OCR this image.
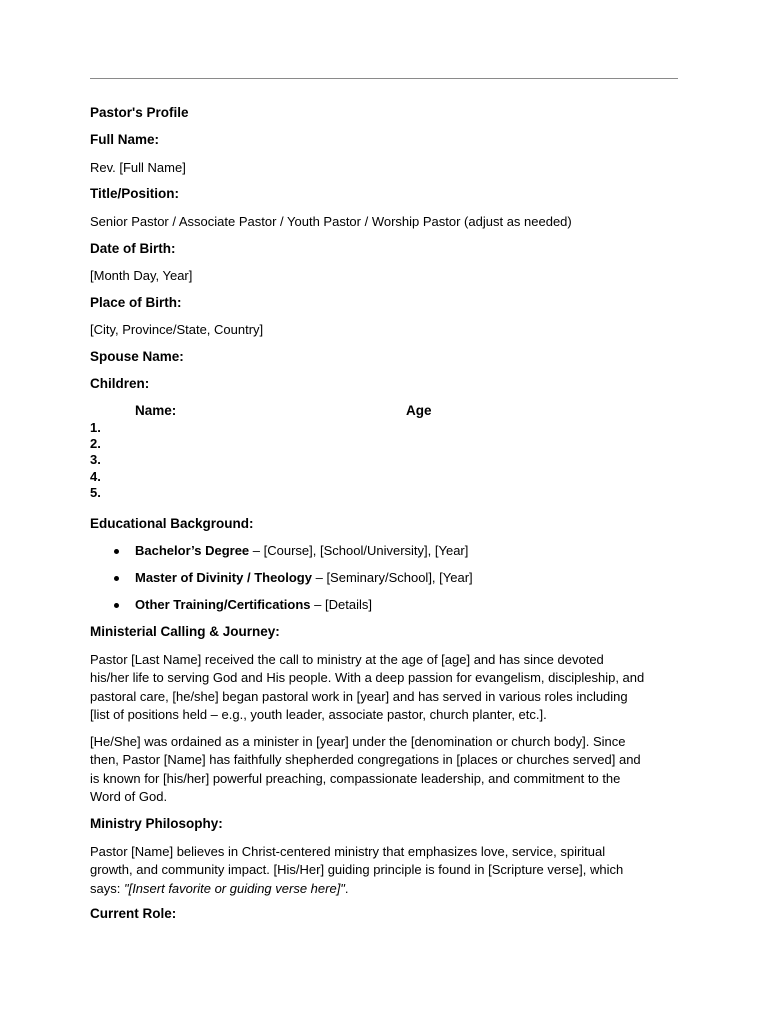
Pastor's Profile
Full Name:
Rev. [Full Name]
Title/Position:
Senior Pastor / Associate Pastor / Youth Pastor / Worship Pastor (adjust as needed)
Date of Birth:
[Month Day, Year]
Place of Birth:
[City, Province/State, Country]
Spouse Name:
Children:
Name:	Age
1.
2.
3.
4.
5.
Educational Background:
Bachelor’s Degree – [Course], [School/University], [Year]
Master of Divinity / Theology – [Seminary/School], [Year]
Other Training/Certifications – [Details]
Ministerial Calling & Journey:
Pastor [Last Name] received the call to ministry at the age of [age] and has since devoted
his/her life to serving God and His people. With a deep passion for evangelism, discipleship, and
pastoral care, [he/she] began pastoral work in [year] and has served in various roles including
[list of positions held – e.g., youth leader, associate pastor, church planter, etc.].
[He/She] was ordained as a minister in [year] under the [denomination or church body]. Since
then, Pastor [Name] has faithfully shepherded congregations in [places or churches served] and
is known for [his/her] powerful preaching, compassionate leadership, and commitment to the
Word of God.
Ministry Philosophy:
Pastor [Name] believes in Christ-centered ministry that emphasizes love, service, spiritual
growth, and community impact. [His/Her] guiding principle is found in [Scripture verse], which
says: "[Insert favorite or guiding verse here]".
Current Role:
